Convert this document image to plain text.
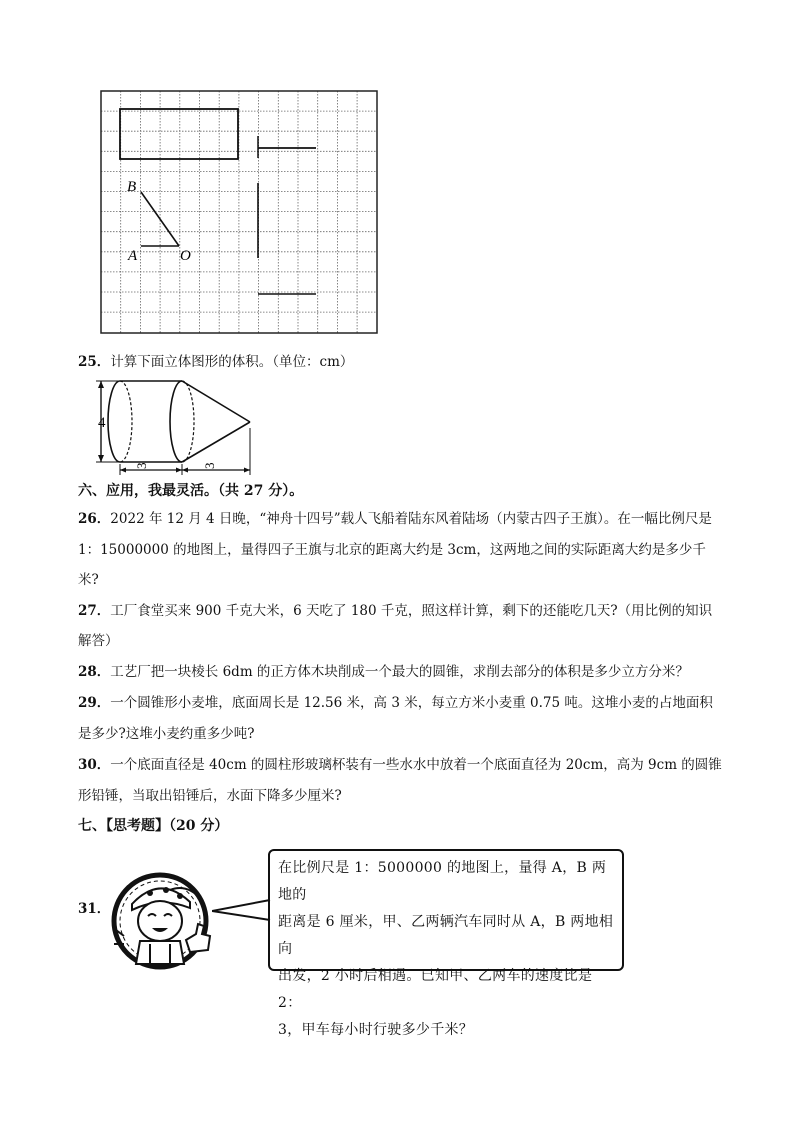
B
A	O
25．计算下面立体图形的体积。（单位：cm）
4
3	3
六、应用，我最灵活。（共 27 分）。
26．2022 年 12 月 4 日晚，“神舟十四号”载人飞船着陆东风着陆场（内蒙古四子王旗）。在一幅比例尺是
1：15000000 的地图上，量得四子王旗与北京的距离大约是 3cm，这两地之间的实际距离大约是多少千
米?
27．工厂食堂买来 900 千克大米，6 天吃了 180 千克，照这样计算，剩下的还能吃几天?（用比例的知识
解答）
28．工艺厂把一块棱长 6dm 的正方体木块削成一个最大的圆锥，求削去部分的体积是多少立方分米？
29．一个圆锥形小麦堆，底面周长是 12.56 米，高 3 米，每立方米小麦重 0.75 吨。这堆小麦的占地面积
是多少?这堆小麦约重多少吨?
30．一个底面直径是 40cm 的圆柱形玻璃杯装有一些水水中放着一个底面直径为 20cm，高为 9cm 的圆锥
形铅锤，当取出铅锤后，水面下降多少厘米?
七、【思考题】（20 分）
31．
在比例尺是 1：5000000 的地图上，量得 A，B 两地的
距离是 6 厘米，甲、乙两辆汽车同时从 A，B 两地相向
出发，2 小时后相遇。已知甲、乙两车的速度比是 2：
3，甲车每小时行驶多少千米？
